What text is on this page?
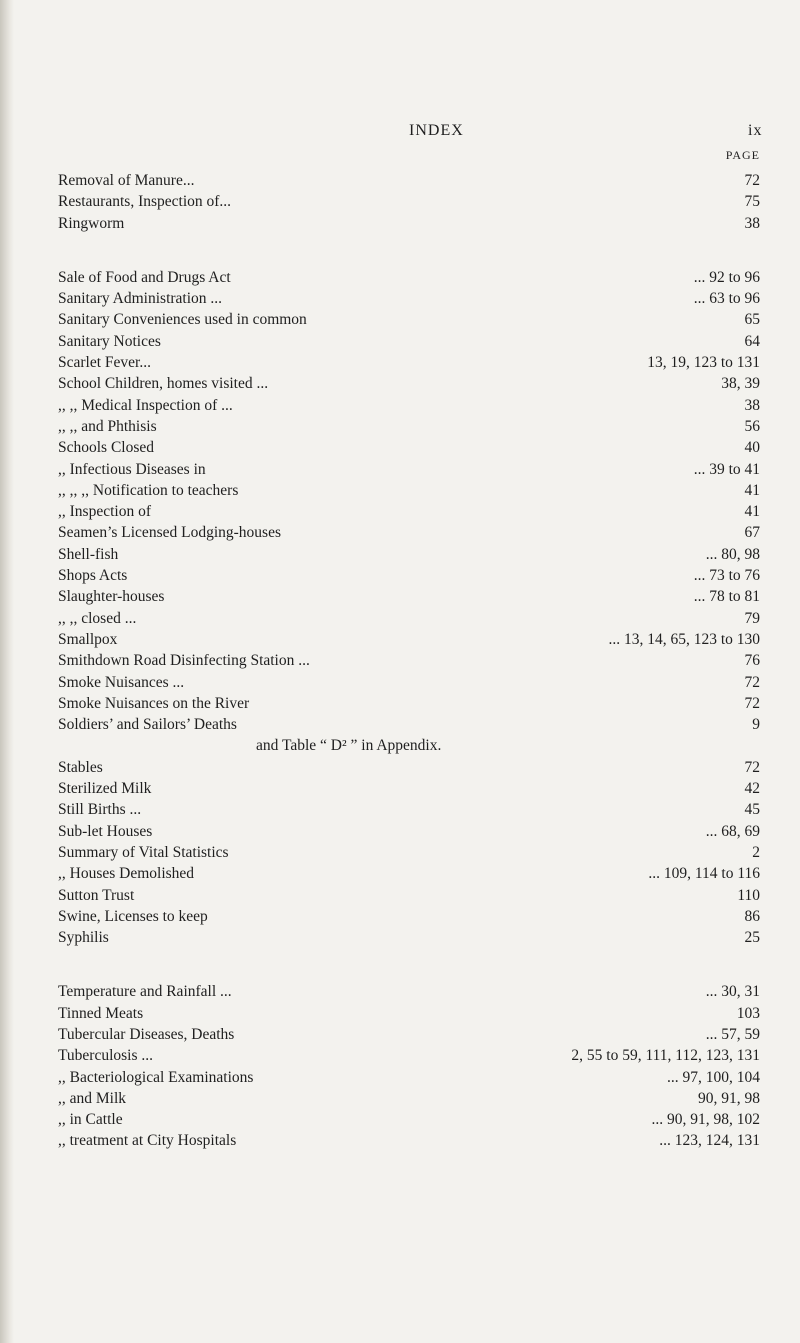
INDEX	ix
PAGE
Removal of Manure...	72
Restaurants, Inspection of...	75
Ringworm	38
Sale of Food and Drugs Act	... 92 to 96
Sanitary Administration ...	... 63 to 96
Sanitary Conveniences used in common	65
Sanitary Notices	64
Scarlet Fever...	13, 19, 123 to 131
School Children, homes visited ...	38, 39
,, ,, Medical Inspection of ...	38
,, ,, and Phthisis	56
Schools Closed	40
,, Infectious Diseases in	... 39 to 41
,, ,, ,, Notification to teachers	41
,, Inspection of	41
Seamen’s Licensed Lodging-houses	67
Shell-fish	... 80, 98
Shops Acts	... 73 to 76
Slaughter-houses	... 78 to 81
,, ,, closed ...	79
Smallpox	... 13, 14, 65, 123 to 130
Smithdown Road Disinfecting Station ...	76
Smoke Nuisances ...	72
Smoke Nuisances on the River	72
Soldiers’ and Sailors’ Deaths	9
and Table “ D² ” in Appendix.
Stables	72
Sterilized Milk	42
Still Births ...	45
Sub-let Houses	... 68, 69
Summary of Vital Statistics	2
,, Houses Demolished	... 109, 114 to 116
Sutton Trust	110
Swine, Licenses to keep	86
Syphilis	25
Temperature and Rainfall ...	... 30, 31
Tinned Meats	103
Tubercular Diseases, Deaths	... 57, 59
Tuberculosis ...	2, 55 to 59, 111, 112, 123, 131
,, Bacteriological Examinations	... 97, 100, 104
,, and Milk	90, 91, 98
,, in Cattle	... 90, 91, 98, 102
,, treatment at City Hospitals	... 123, 124, 131
